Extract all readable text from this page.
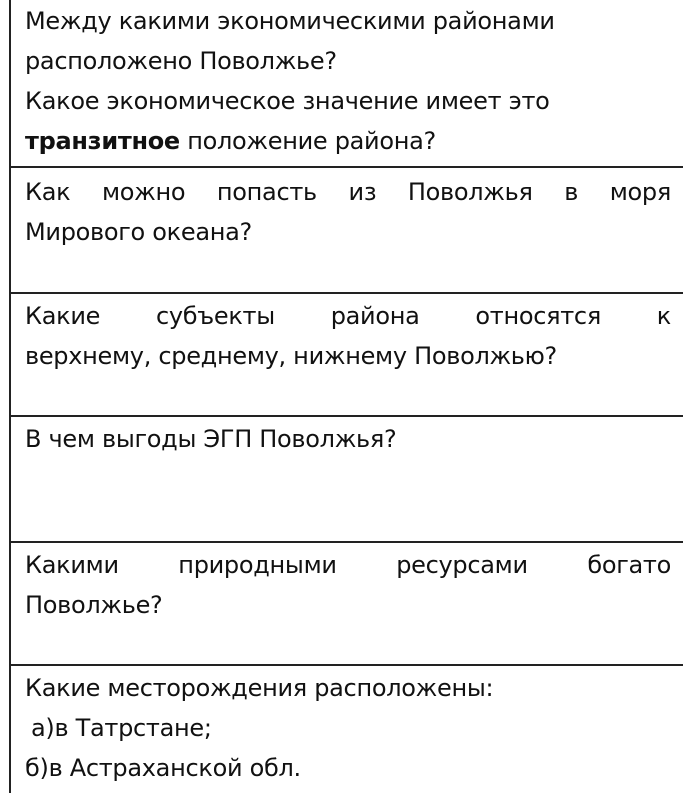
Между какими экономическими районами
расположено Поволжье?
Какое экономическое значение имеет это
транзитное положение района?
Как можно попасть из Поволжья в моря
Мирового океана?
Какие субъекты района относятся к
верхнему, среднему, нижнему Поволжью?
В чем выгоды ЭГП Поволжья?
Какими природными ресурсами богато
Поволжье?
Какие месторождения расположены:
а)в Татрстане;
б)в Астраханской обл.
